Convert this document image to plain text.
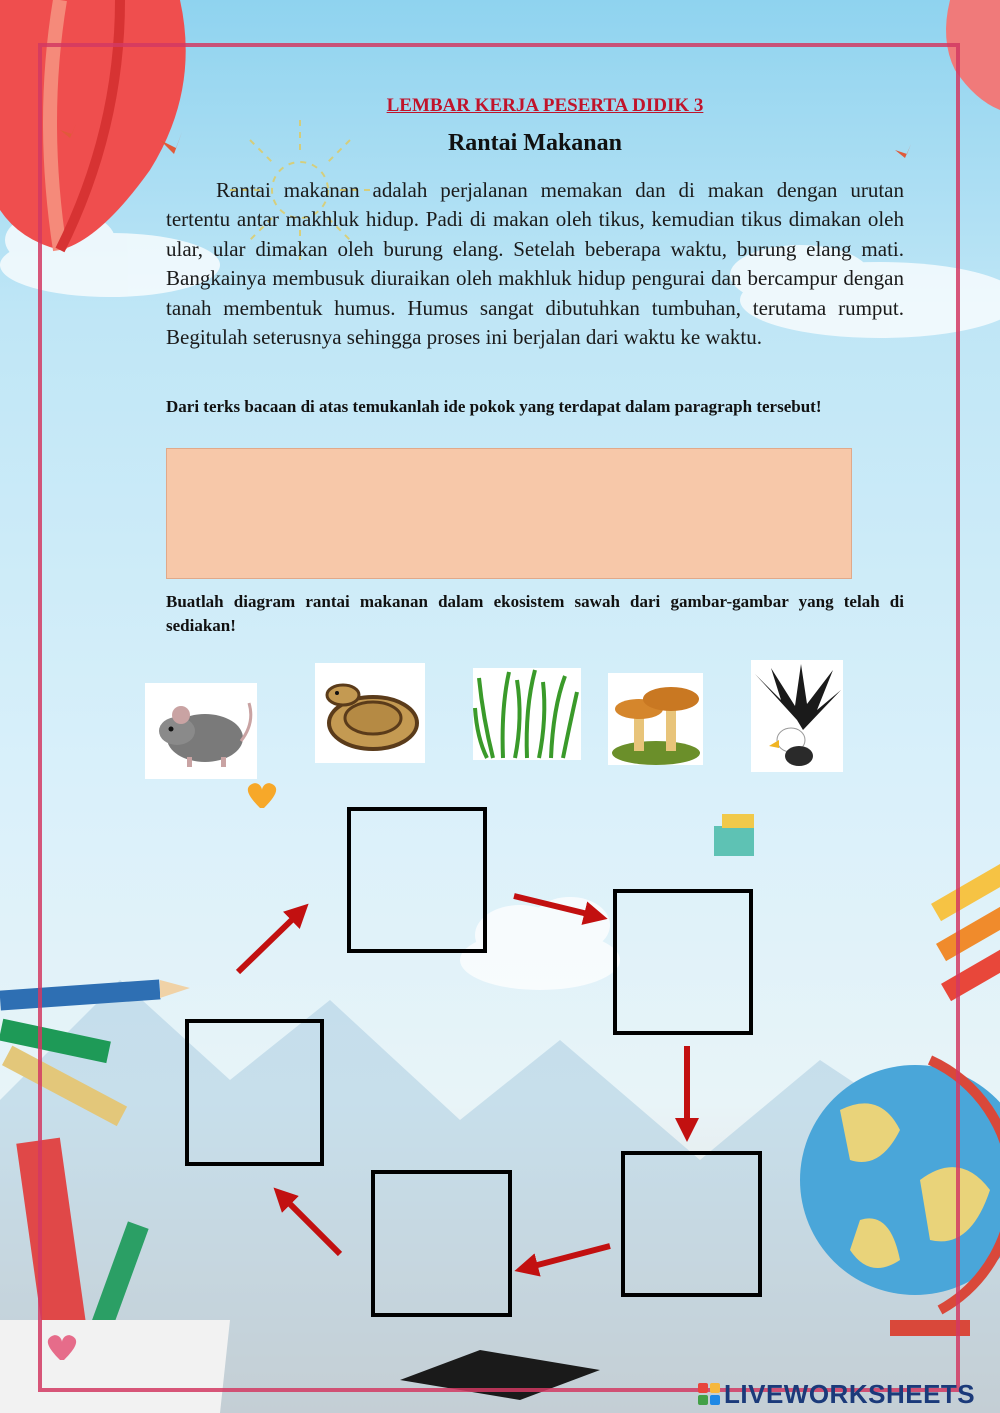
LEMBAR KERJA PESERTA DIDIK 3
Rantai Makanan

Rantai makanan adalah perjalanan memakan dan di makan dengan urutan tertentu antar makhluk hidup. Padi di makan oleh tikus, kemudian tikus dimakan oleh ular, ular dimakan oleh burung elang. Setelah beberapa waktu, burung elang mati. Bangkainya membusuk diuraikan oleh makhluk hidup pengurai dan bercampur dengan tanah membentuk humus. Humus sangat dibutuhkan tumbuhan, terutama rumput. Begitulah seterusnya sehingga proses ini berjalan dari waktu ke waktu.

Dari terks bacaan di atas temukanlah ide pokok yang terdapat dalam paragraph tersebut!

Buatlah diagram rantai makanan dalam ekosistem sawah dari gambar-gambar yang telah di sediakan!

LIVEWORKSHEETS
